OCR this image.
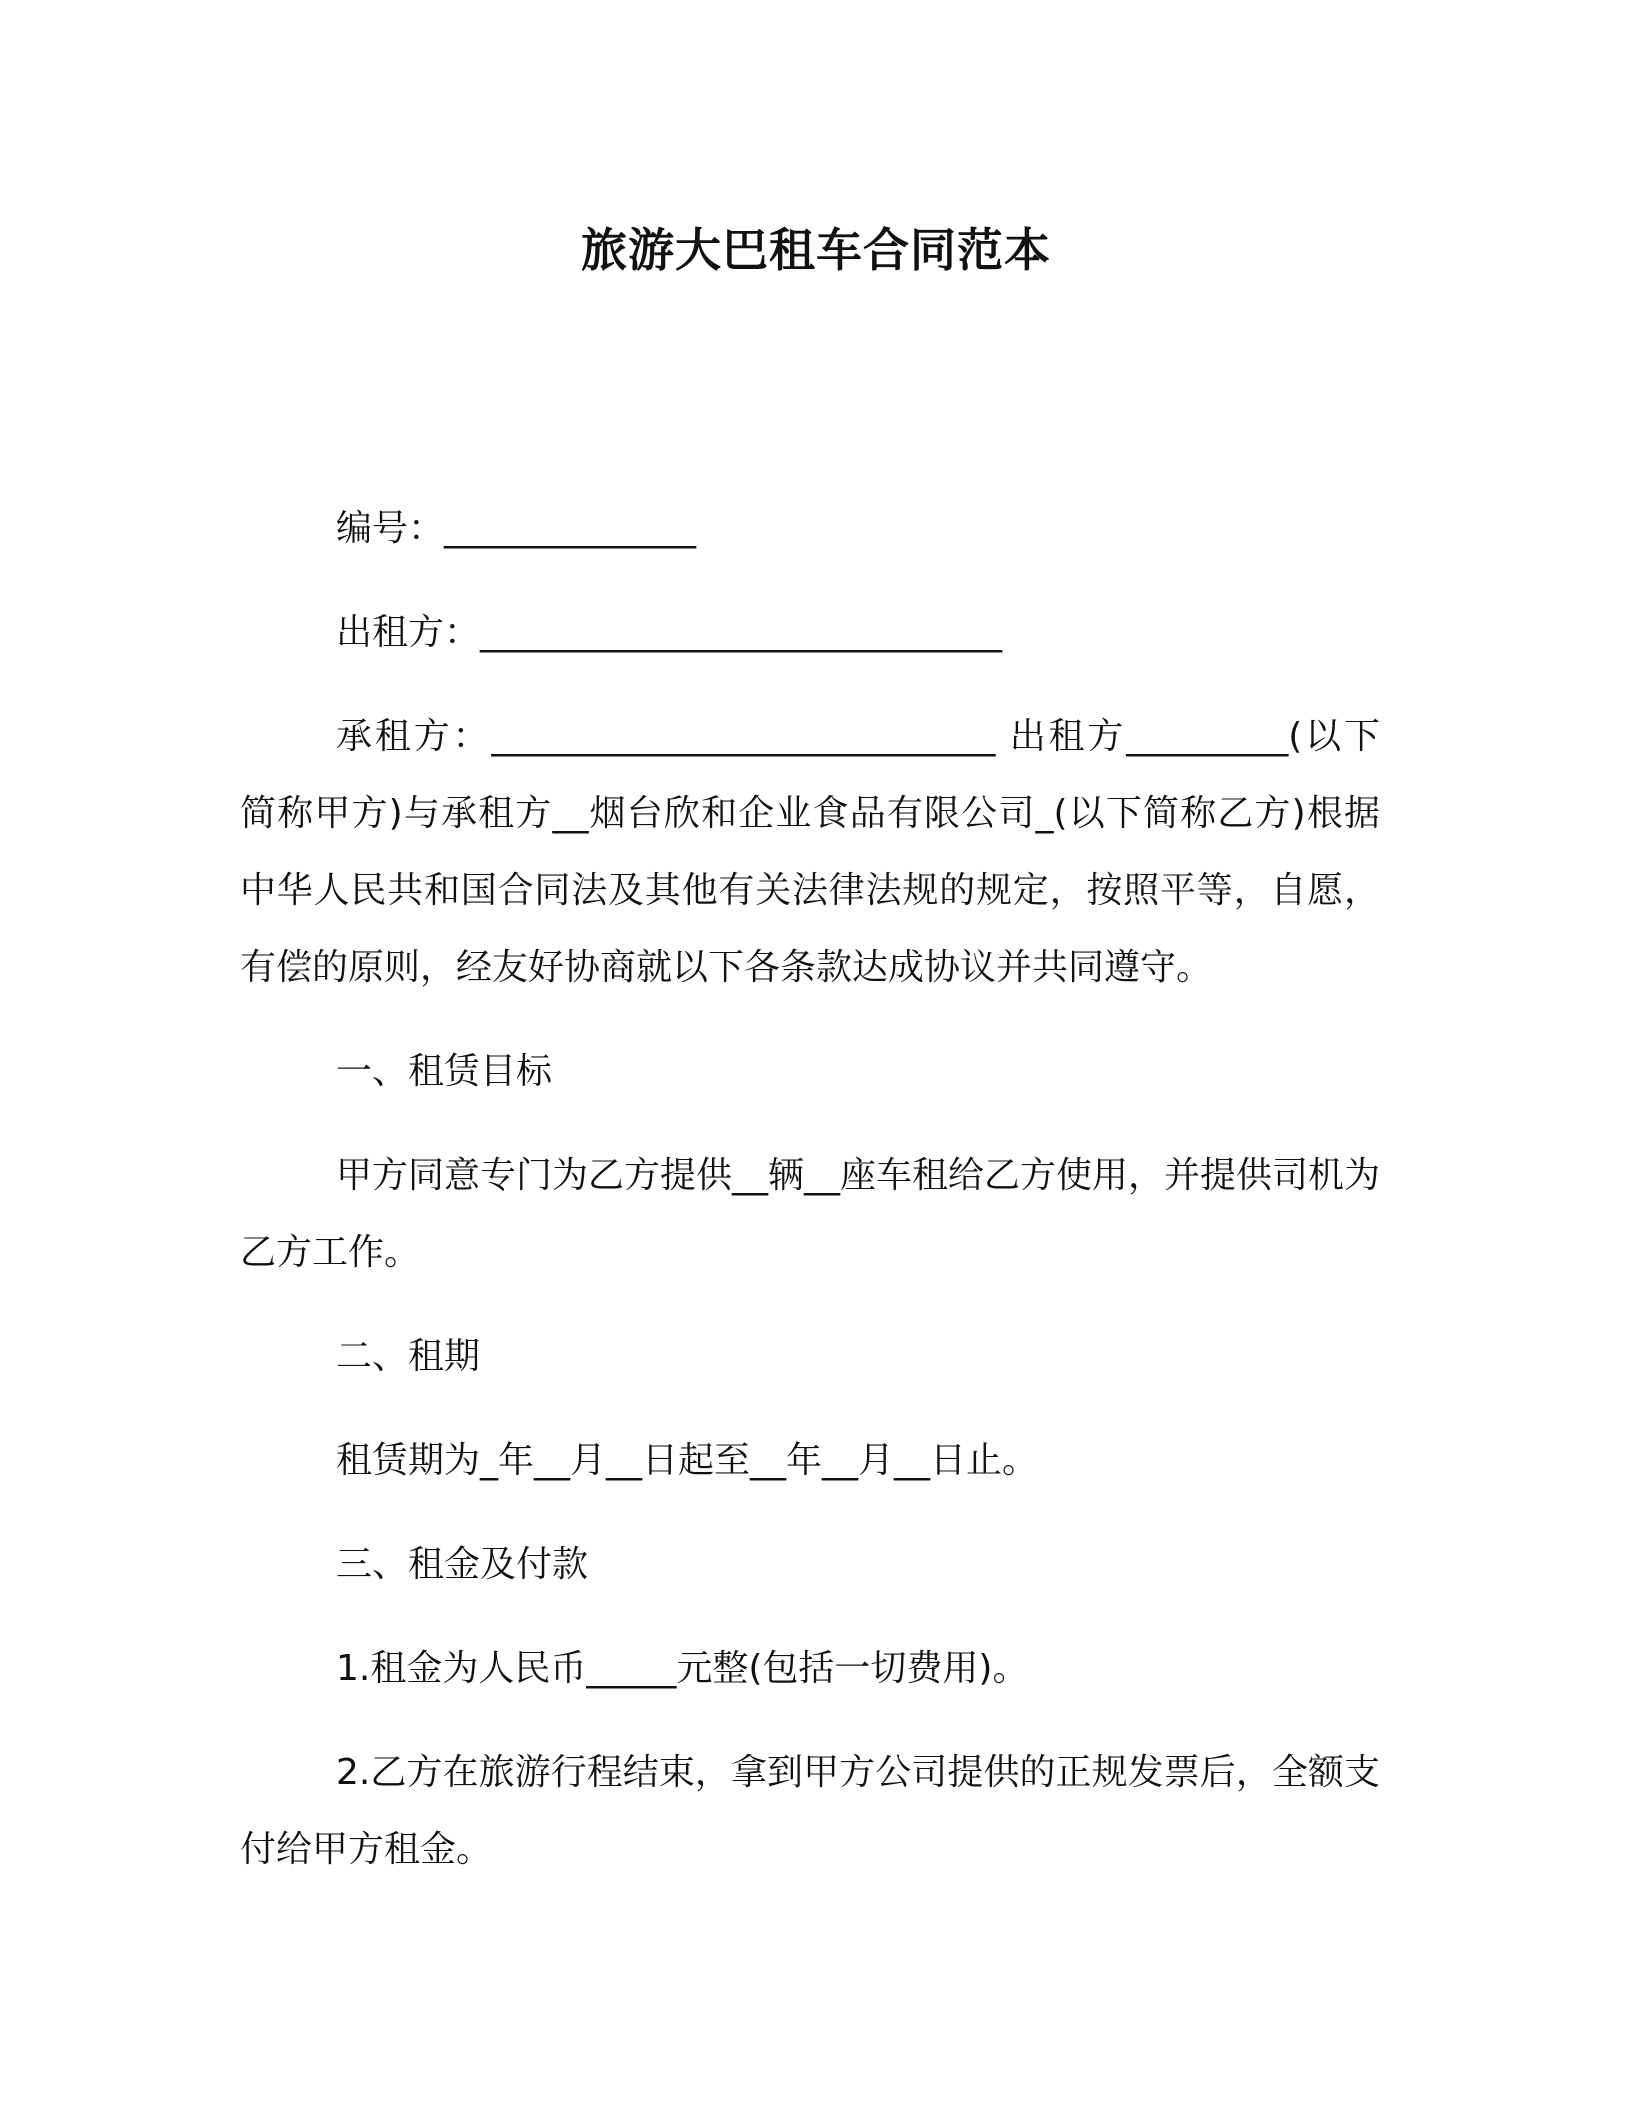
旅游大巴租车合同范本

编号：______________

出租方：_____________________________

承租方：____________________________ 出租方_________(以下简称甲方)与承租方__烟台欣和企业食品有限公司_(以下简称乙方)根据中华人民共和国合同法及其他有关法律法规的规定，按照平等，自愿，有偿的原则，经友好协商就以下各条款达成协议并共同遵守。

一、租赁目标

甲方同意专门为乙方提供__辆__座车租给乙方使用，并提供司机为乙方工作。

二、租期

租赁期为_年__月__日起至__年__月__日止。

三、租金及付款

1.租金为人民币_____元整(包括一切费用)。

2.乙方在旅游行程结束，拿到甲方公司提供的正规发票后，全额支付给甲方租金。
